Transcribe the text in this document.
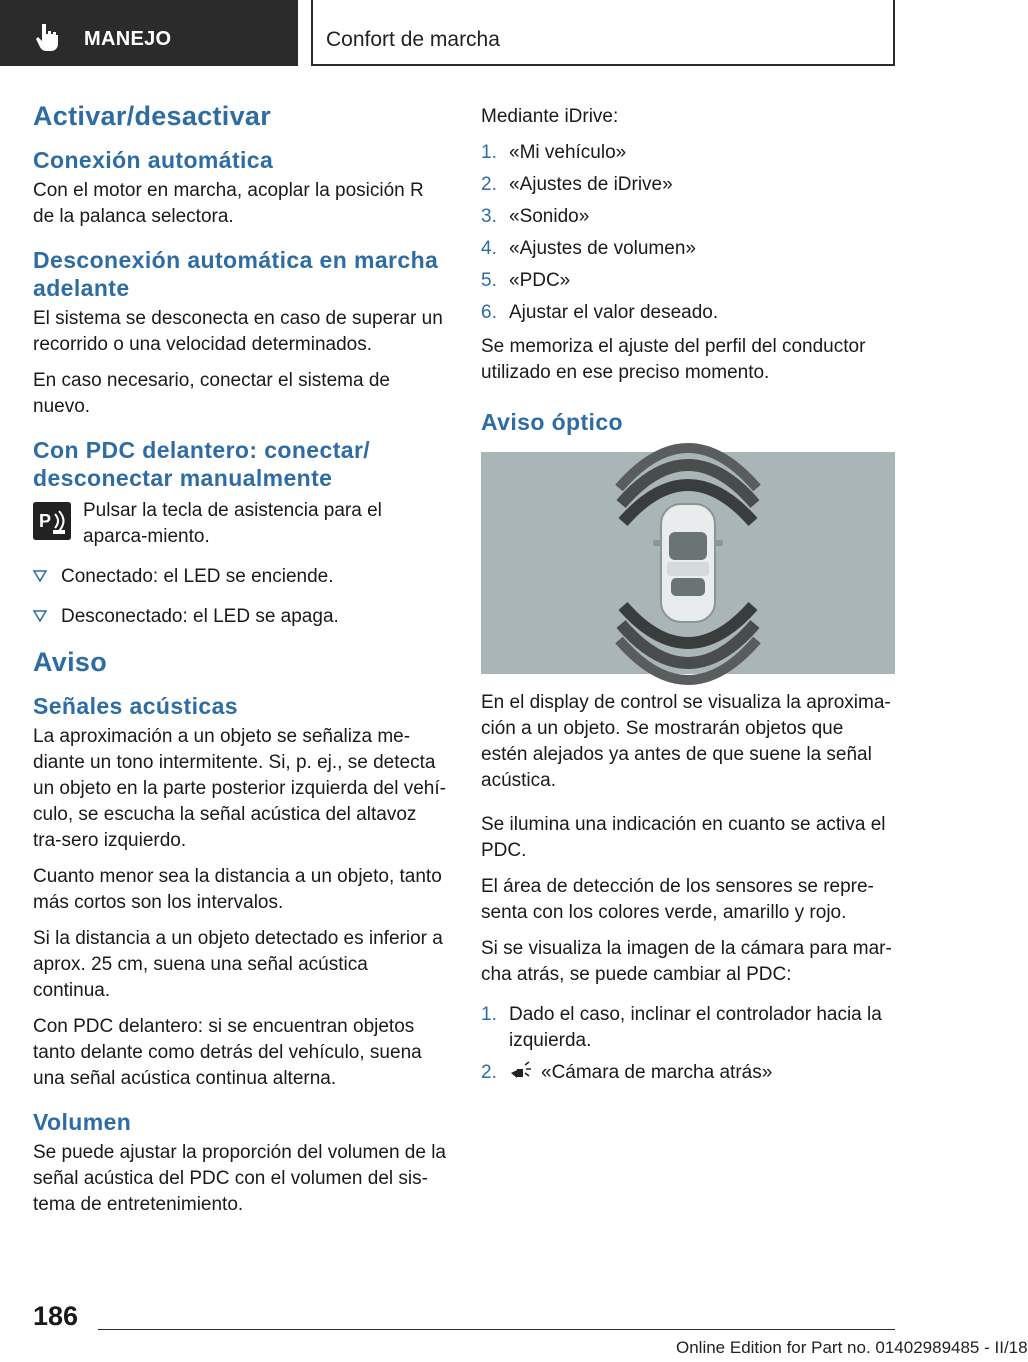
MANEJO	Confort de marcha
Activar/desactivar
Conexión automática

Con el motor en marcha, acoplar la posición R de la palanca selectora.

Desconexión automática en marcha adelante

El sistema se desconecta en caso de superar un recorrido o una velocidad determinados.

En caso necesario, conectar el sistema de nuevo.

Con PDC delantero: conectar/ desconectar manualmente
P Pulsar la tecla de asistencia para el aparca-miento.
Conectado: el LED se enciende.
Desconectado: el LED se apaga.
Aviso
Señales acústicas

La aproximación a un objeto se señaliza me-diante un tono intermitente. Si, p. ej., se detecta un objeto en la parte posterior izquierda del vehí-culo, se escucha la señal acústica del altavoz tra-sero izquierdo.

Cuanto menor sea la distancia a un objeto, tanto más cortos son los intervalos.

Si la distancia a un objeto detectado es inferior a aprox. 25 cm, suena una señal acústica continua.

Con PDC delantero: si se encuentran objetos tanto delante como detrás del vehículo, suena una señal acústica continua alterna.

Volumen

Se puede ajustar la proporción del volumen de la señal acústica del PDC con el volumen del sis-tema de entretenimiento.

Mediante iDrive:

1. «Mi vehículo»
2. «Ajustes de iDrive»
3. «Sonido»
4. «Ajustes de volumen»
5. «PDC»
6. Ajustar el valor deseado.

Se memoriza el ajuste del perfil del conductor utilizado en ese preciso momento.

Aviso óptico

En el display de control se visualiza la aproxima-ción a un objeto. Se mostrarán objetos que estén alejados ya antes de que suene la señal acústica.

Se ilumina una indicación en cuanto se activa el PDC.

El área de detección de los sensores se repre-senta con los colores verde, amarillo y rojo.

Si se visualiza la imagen de la cámara para mar-cha atrás, se puede cambiar al PDC:

1. Dado el caso, inclinar el controlador hacia la izquierda.
2. «Cámara de marcha atrás»
186
Online Edition for Part no. 01402989485 - II/18
